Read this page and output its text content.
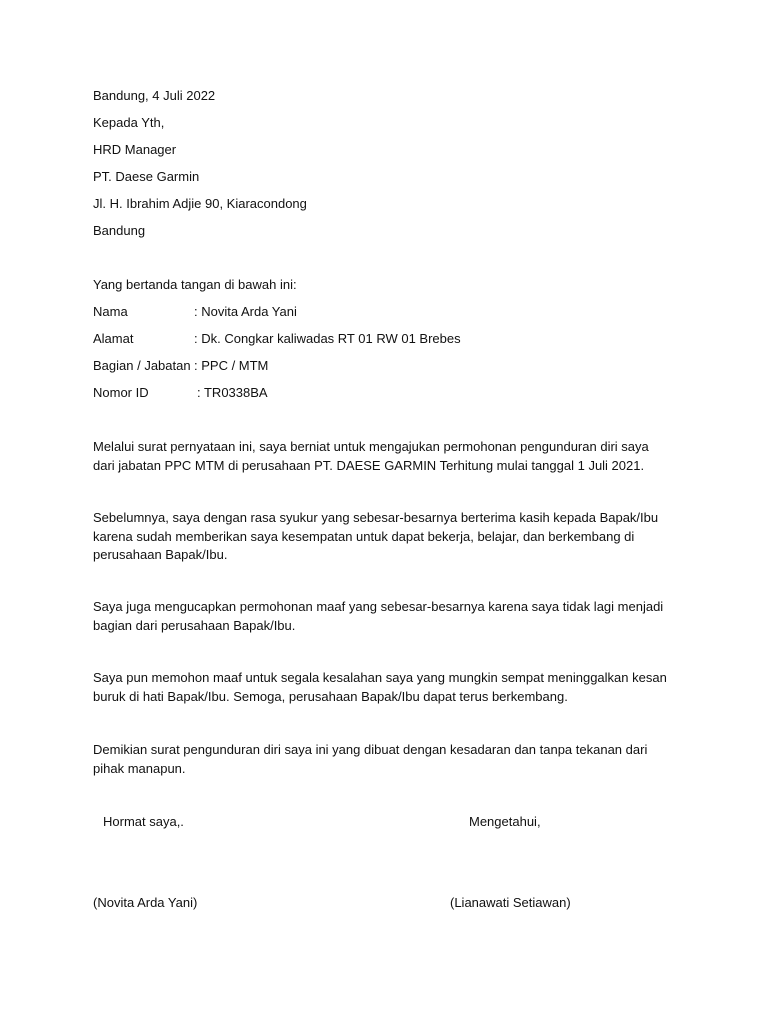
Bandung, 4 Juli 2022
Kepada Yth,
HRD Manager
PT. Daese Garmin
Jl. H. Ibrahim Adjie 90, Kiaracondong
Bandung
Yang bertanda tangan di bawah ini:
Nama	: Novita Arda Yani
Alamat	: Dk. Congkar kaliwadas RT 01 RW 01 Brebes
Bagian / Jabatan : PPC / MTM
Nomor ID	: TR0338BA
Melalui surat pernyataan ini, saya berniat untuk mengajukan permohonan pengunduran diri saya
dari jabatan PPC MTM di perusahaan PT. DAESE GARMIN Terhitung mulai tanggal 1 Juli 2021.
Sebelumnya, saya dengan rasa syukur yang sebesar-besarnya berterima kasih kepada Bapak/Ibu
karena sudah memberikan saya kesempatan untuk dapat bekerja, belajar, dan berkembang di
perusahaan Bapak/Ibu.
Saya juga mengucapkan permohonan maaf yang sebesar-besarnya karena saya tidak lagi menjadi
bagian dari perusahaan Bapak/Ibu.
Saya pun memohon maaf untuk segala kesalahan saya yang mungkin sempat meninggalkan kesan
buruk di hati Bapak/Ibu. Semoga, perusahaan Bapak/Ibu dapat terus berkembang.
Demikian surat pengunduran diri saya ini yang dibuat dengan kesadaran dan tanpa tekanan dari
pihak manapun.
Hormat saya,.	Mengetahui,
(Novita Arda Yani)	(Lianawati Setiawan)
